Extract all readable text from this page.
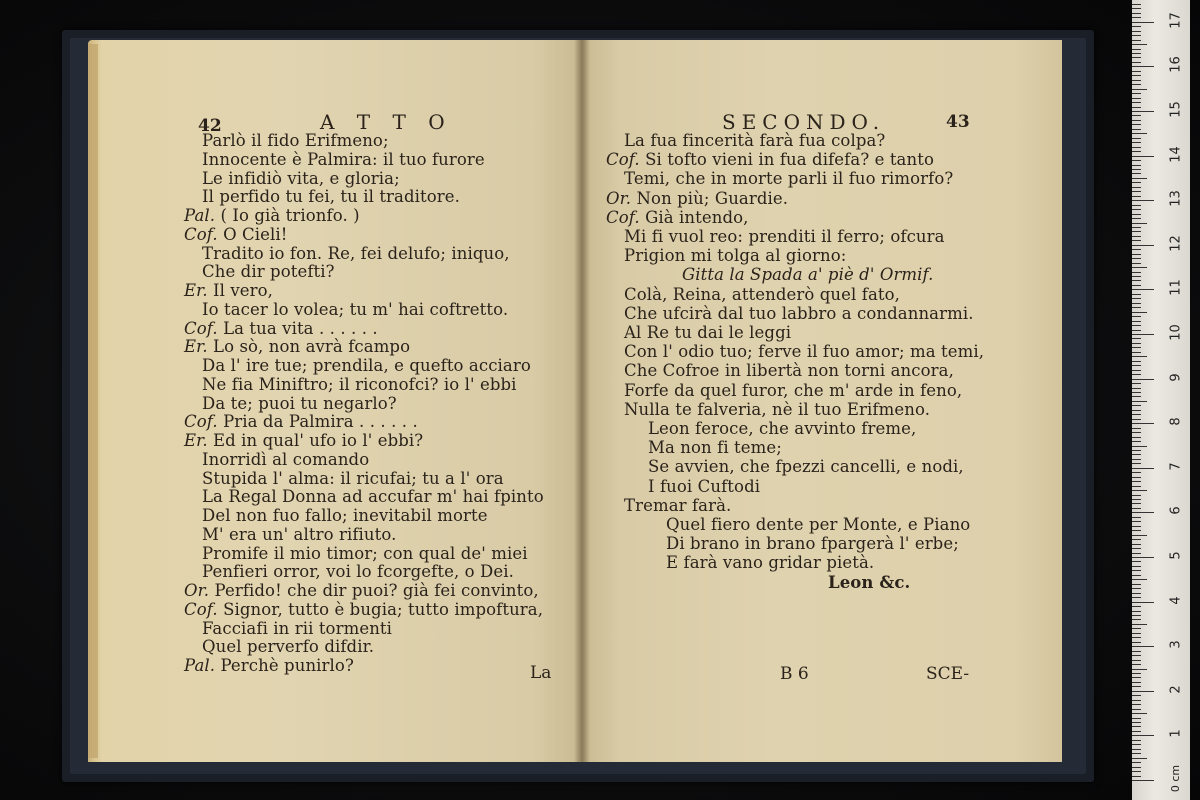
42	A T T O
Parlò il fido Erifmeno;
Innocente è Palmira: il tuo furore
Le infidiò vita, e gloria;
Il perfido tu fei, tu il traditore.
Pal. ( Io già trionfo. )
Cof. O Cieli!
Tradito io fon. Re, fei delufo; iniquo,
Che dir potefti?
Er. Il vero,
Io tacer lo volea; tu m' hai coftretto.
Cof. La tua vita . . . . . .
Er. Lo sò, non avrà fcampo
Da l' ire tue; prendila, e quefto acciaro
Ne fia Miniftro; il riconofci? io l' ebbi
Da te; puoi tu negarlo?
Cof. Pria da Palmira . . . . . .
Er. Ed in qual' ufo io l' ebbi?
Inorridì al comando
Stupida l' alma: il ricufai; tu a l' ora
La Regal Donna ad accufar m' hai fpinto
Del non fuo fallo; inevitabil morte
M' era un' altro rifiuto.
Promife il mio timor; con qual de' miei
Penfieri orror, voi lo fcorgefte, o Dei.
Or. Perfido! che dir puoi? già fei convinto,
Cof. Signor, tutto è bugia; tutto impoftura,
Facciafi in rii tormenti
Quel perverfo difdir.
Pal. Perchè punirlo?	La
SECONDO.	43
La fua fincerità farà fua colpa?
Cof. Si tofto vieni in fua difefa? e tanto
Temi, che in morte parli il fuo rimorfo?
Or. Non più; Guardie.
Cof. Già intendo,
Mi fi vuol reo: prenditi il ferro; ofcura
Prigion mi tolga al giorno:
Gitta la Spada a' piè d' Ormif.
Colà, Reina, attenderò quel fato,
Che ufcirà dal tuo labbro a condannarmi.
Al Re tu dai le leggi
Con l' odio tuo; ferve il fuo amor; ma temi,
Che Cofroe in libertà non torni ancora,
Forfe da quel furor, che m' arde in feno,
Nulla te falveria, nè il tuo Erifmeno.
Leon feroce, che avvinto freme,
Ma non fi teme;
Se avvien, che fpezzi cancelli, e nodi,
I fuoi Cuftodi
Tremar farà.
Quel fiero dente per Monte, e Piano
Di brano in brano fpargerà l' erbe;
E farà vano gridar pietà.
Leon &c.
B 6	SCE-
0 cm
17
16
15
14
13
12
11
10
9
8
7
6
5
4
3
2
1
